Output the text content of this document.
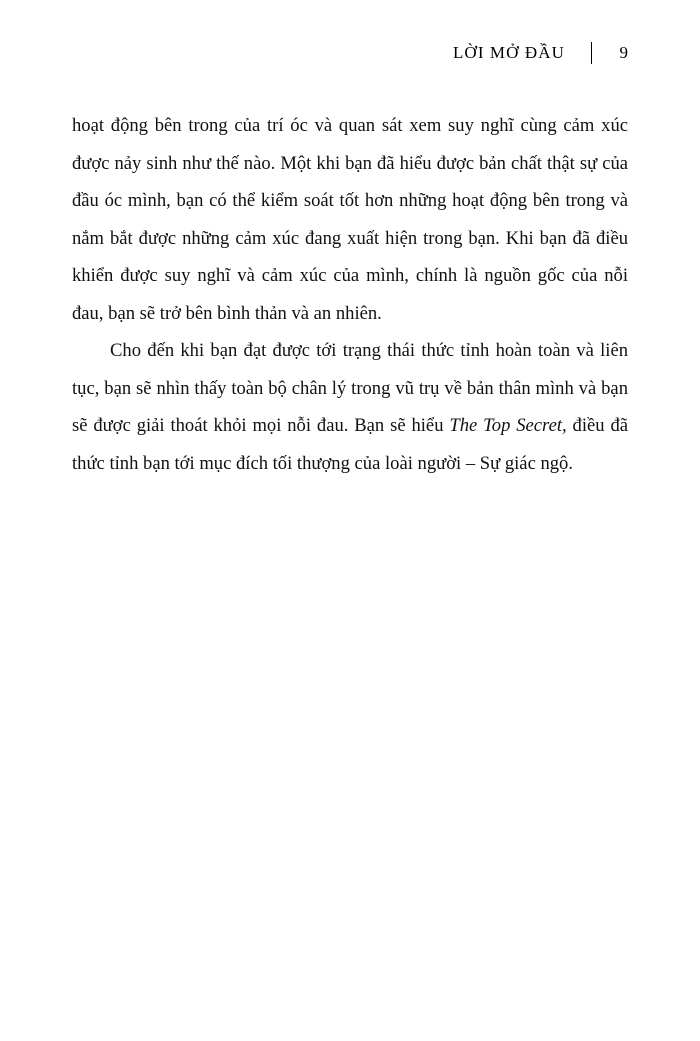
LỜI MỞ ĐẦU	9

hoạt động bên trong của trí óc và quan sát xem suy nghĩ cùng cảm xúc được nảy sinh như thế nào. Một khi bạn đã hiểu được bản chất thật sự của đầu óc mình, bạn có thể kiểm soát tốt hơn những hoạt động bên trong và nắm bắt được những cảm xúc đang xuất hiện trong bạn. Khi bạn đã điều khiển được suy nghĩ và cảm xúc của mình, chính là nguồn gốc của nỗi đau, bạn sẽ trở bên bình thản và an nhiên.

Cho đến khi bạn đạt được tới trạng thái thức tỉnh hoàn toàn và liên tục, bạn sẽ nhìn thấy toàn bộ chân lý trong vũ trụ về bản thân mình và bạn sẽ được giải thoát khỏi mọi nỗi đau. Bạn sẽ hiểu The Top Secret, điều đã thức tỉnh bạn tới mục đích tối thượng của loài người – Sự giác ngộ.
